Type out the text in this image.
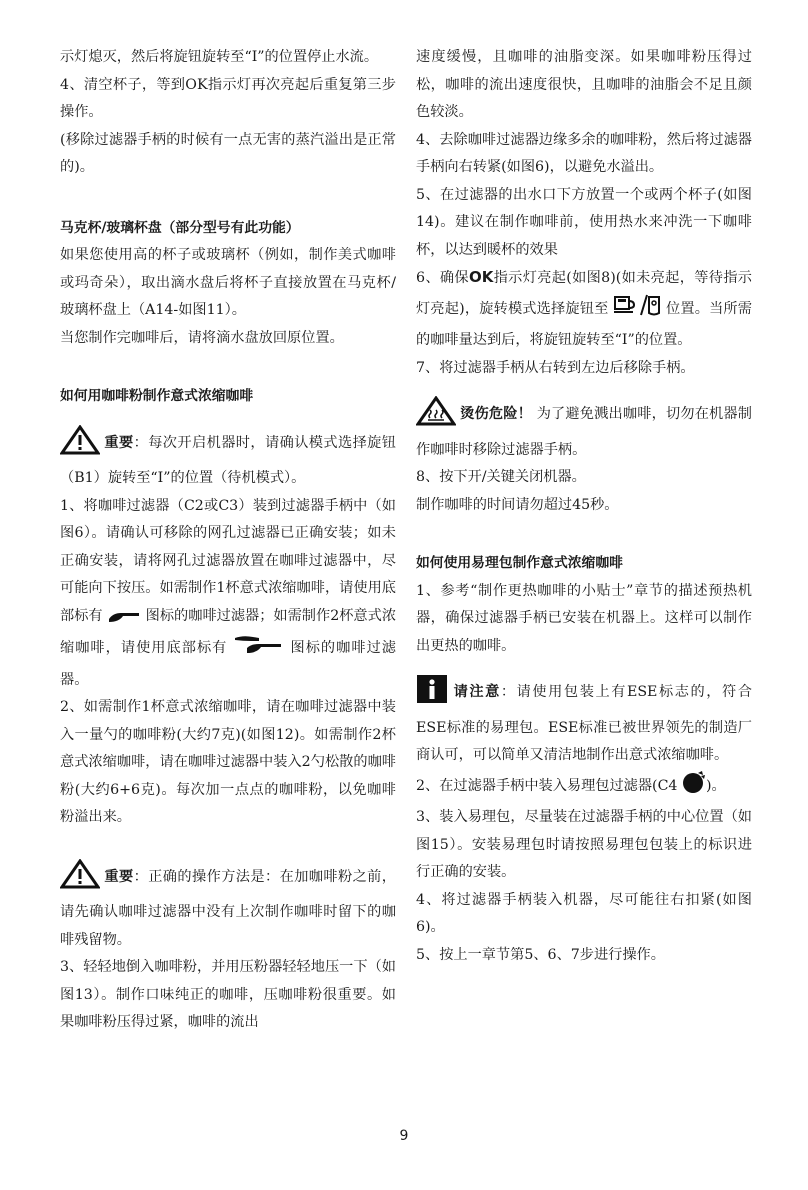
示灯熄灭，然后将旋钮旋转至“I”的位置停止水流。

4、清空杯子，等到OK指示灯再次亮起后重复第三步操作。

(移除过滤器手柄的时候有一点无害的蒸汽溢出是正常的)。

马克杯/玻璃杯盘（部分型号有此功能）

如果您使用高的杯子或玻璃杯（例如，制作美式咖啡或玛奇朵），取出滴水盘后将杯子直接放置在马克杯/玻璃杯盘上（A14-如图11）。

当您制作完咖啡后，请将滴水盘放回原位置。

如何用咖啡粉制作意式浓缩咖啡

重要：每次开启机器时，请确认模式选择旋钮（B1）旋转至“I”的位置（待机模式）。

1、将咖啡过滤器（C2或C3）装到过滤器手柄中（如图6）。请确认可移除的网孔过滤器已正确安装；如未正确安装，请将网孔过滤器放置在咖啡过滤器中，尽可能向下按压。如需制作1杯意式浓缩咖啡，请使用底部标有	图标的咖啡过滤器；如需制作2杯意式浓缩咖啡，请使用底部标有	图标的咖啡过滤器。

2、如需制作1杯意式浓缩咖啡，请在咖啡过滤器中装入一量勺的咖啡粉(大约7克)(如图12)。如需制作2杯意式浓缩咖啡，请在咖啡过滤器中装入2勺松散的咖啡粉(大约6+6克)。每次加一点点的咖啡粉，以免咖啡粉溢出来。

重要：正确的操作方法是：在加咖啡粉之前，请先确认咖啡过滤器中没有上次制作咖啡时留下的咖啡残留物。

3、轻轻地倒入咖啡粉，并用压粉器轻轻地压一下（如图13）。制作口味纯正的咖啡，压咖啡粉很重要。如果咖啡粉压得过紧，咖啡的流出

速度缓慢，且咖啡的油脂变深。如果咖啡粉压得过松，咖啡的流出速度很快，且咖啡的油脂会不足且颜色较淡。

4、去除咖啡过滤器边缘多余的咖啡粉，然后将过滤器手柄向右转紧(如图6)，以避免水溢出。

5、在过滤器的出水口下方放置一个或两个杯子(如图14)。建议在制作咖啡前，使用热水来冲洗一下咖啡杯，以达到暖杯的效果

6、确保OK指示灯亮起(如图8)(如未亮起，等待指示灯亮起)，旋转模式选择旋钮至	位置。当所需的咖啡量达到后，将旋钮旋转至“I”的位置。

7、将过滤器手柄从右转到左边后移除手柄。

烫伤危险！ 为了避免溅出咖啡，切勿在机器制作咖啡时移除过滤器手柄。

8、按下开/关键关闭机器。

制作咖啡的时间请勿超过45秒。

如何使用易理包制作意式浓缩咖啡

1、参考“制作更热咖啡的小贴士”章节的描述预热机器，确保过滤器手柄已安装在机器上。这样可以制作出更热的咖啡。

请注意：请使用包装上有ESE标志的，符合ESE标准的易理包。ESE标准已被世界领先的制造厂商认可，可以简单又清洁地制作出意式浓缩咖啡。

2、在过滤器手柄中装入易理包过滤器(C4 )。

3、装入易理包，尽量装在过滤器手柄的中心位置（如图15）。安装易理包时请按照易理包包装上的标识进行正确的安装。

4、将过滤器手柄装入机器，尽可能往右扣紧(如图6)。

5、按上一章节第5、6、7步进行操作。

9
